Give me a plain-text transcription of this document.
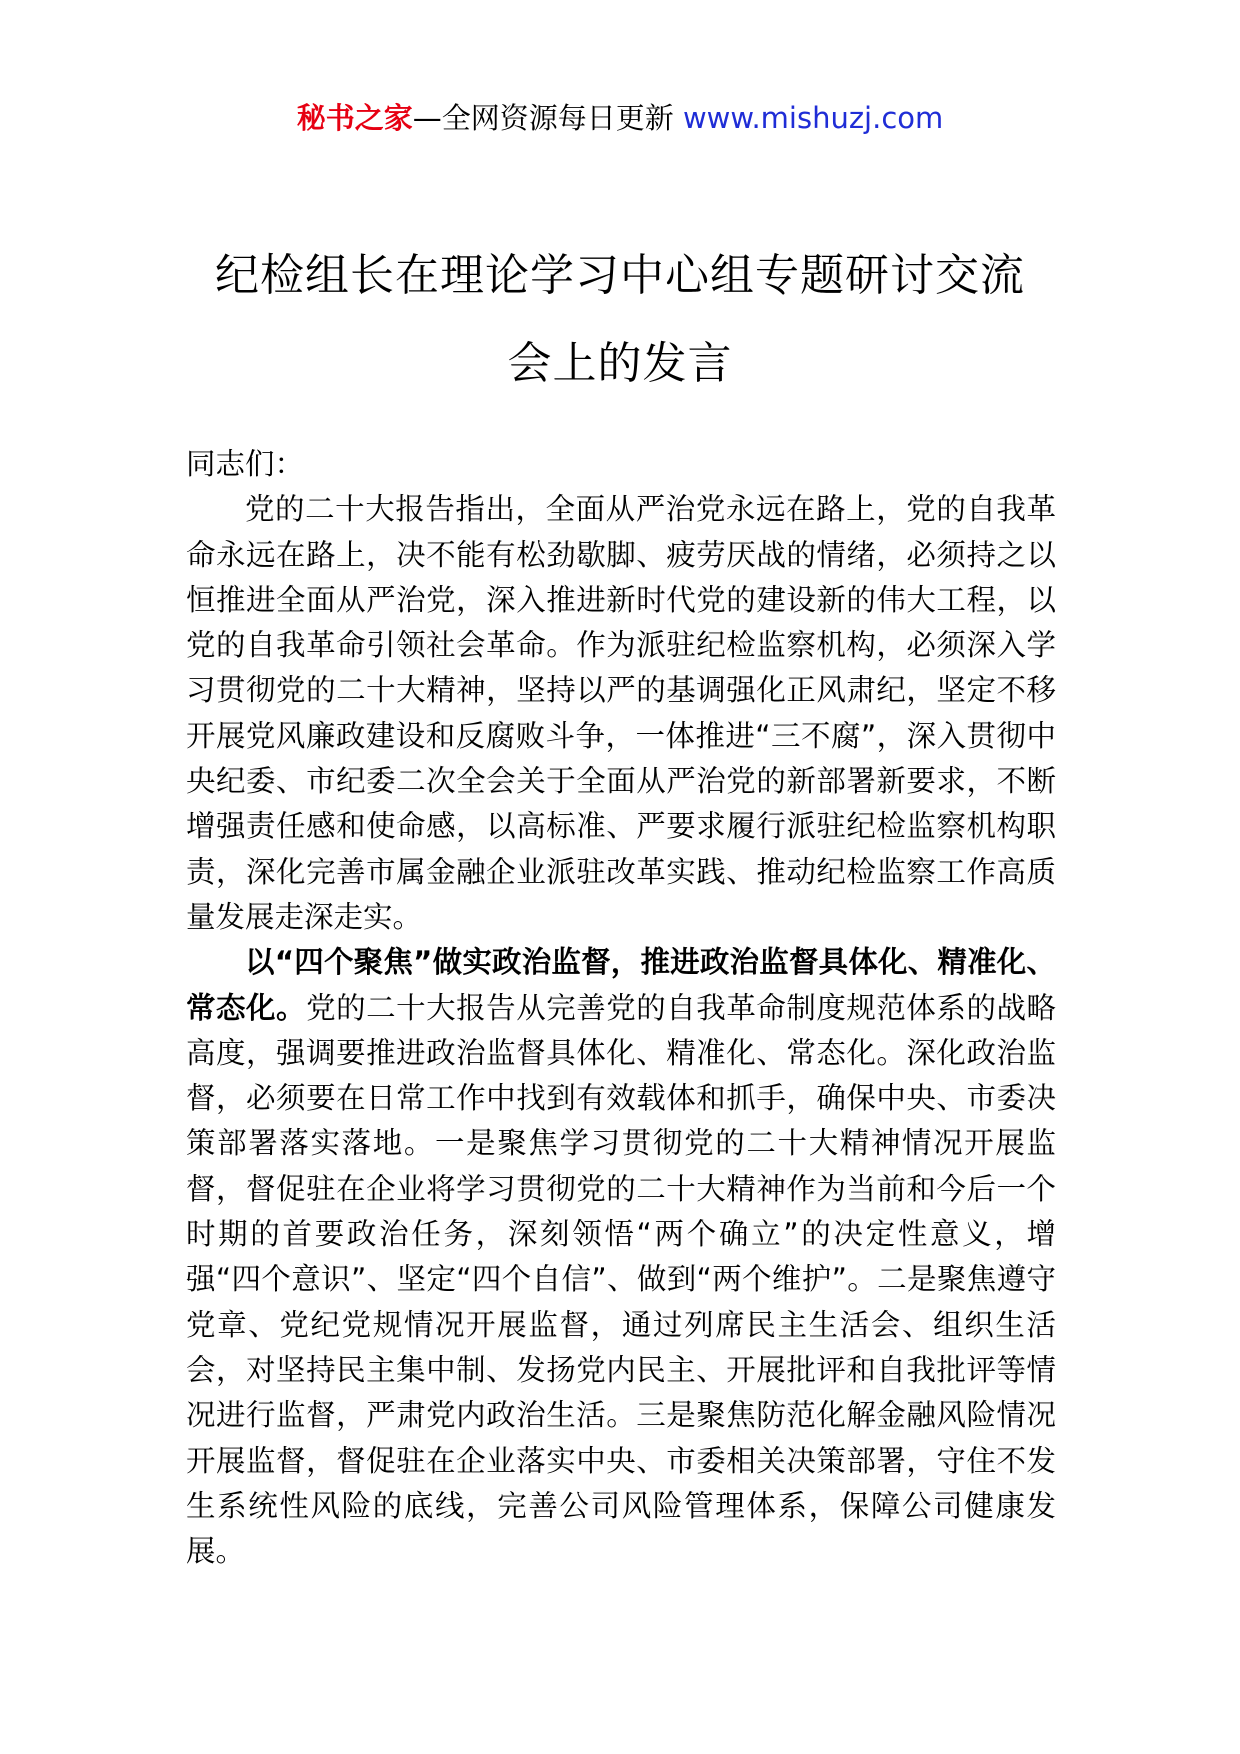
秘书之家—全网资源每日更新 www.mishuzj.com
纪检组长在理论学习中心组专题研讨交流
会上的发言

同志们：

党的二十大报告指出，全面从严治党永远在路上，党的自我革命永远在路上，决不能有松劲歇脚、疲劳厌战的情绪，必须持之以恒推进全面从严治党，深入推进新时代党的建设新的伟大工程，以党的自我革命引领社会革命。作为派驻纪检监察机构，必须深入学习贯彻党的二十大精神，坚持以严的基调强化正风肃纪，坚定不移开展党风廉政建设和反腐败斗争，一体推进“三不腐”，深入贯彻中央纪委、市纪委二次全会关于全面从严治党的新部署新要求，不断增强责任感和使命感，以高标准、严要求履行派驻纪检监察机构职责，深化完善市属金融企业派驻改革实践、推动纪检监察工作高质量发展走深走实。

以“四个聚焦”做实政治监督，推进政治监督具体化、精准化、常态化。党的二十大报告从完善党的自我革命制度规范体系的战略高度，强调要推进政治监督具体化、精准化、常态化。深化政治监督，必须要在日常工作中找到有效载体和抓手，确保中央、市委决策部署落实落地。一是聚焦学习贯彻党的二十大精神情况开展监督，督促驻在企业将学习贯彻党的二十大精神作为当前和今后一个时期的首要政治任务，深刻领悟“两个确立”的决定性意义，增强“四个意识”、坚定“四个自信”、做到“两个维护”。二是聚焦遵守党章、党纪党规情况开展监督，通过列席民主生活会、组织生活会，对坚持民主集中制、发扬党内民主、开展批评和自我批评等情况进行监督，严肃党内政治生活。三是聚焦防范化解金融风险情况开展监督，督促驻在企业落实中央、市委相关决策部署，守住不发生系统性风险的底线，完善公司风险管理体系，保障公司健康发展。
